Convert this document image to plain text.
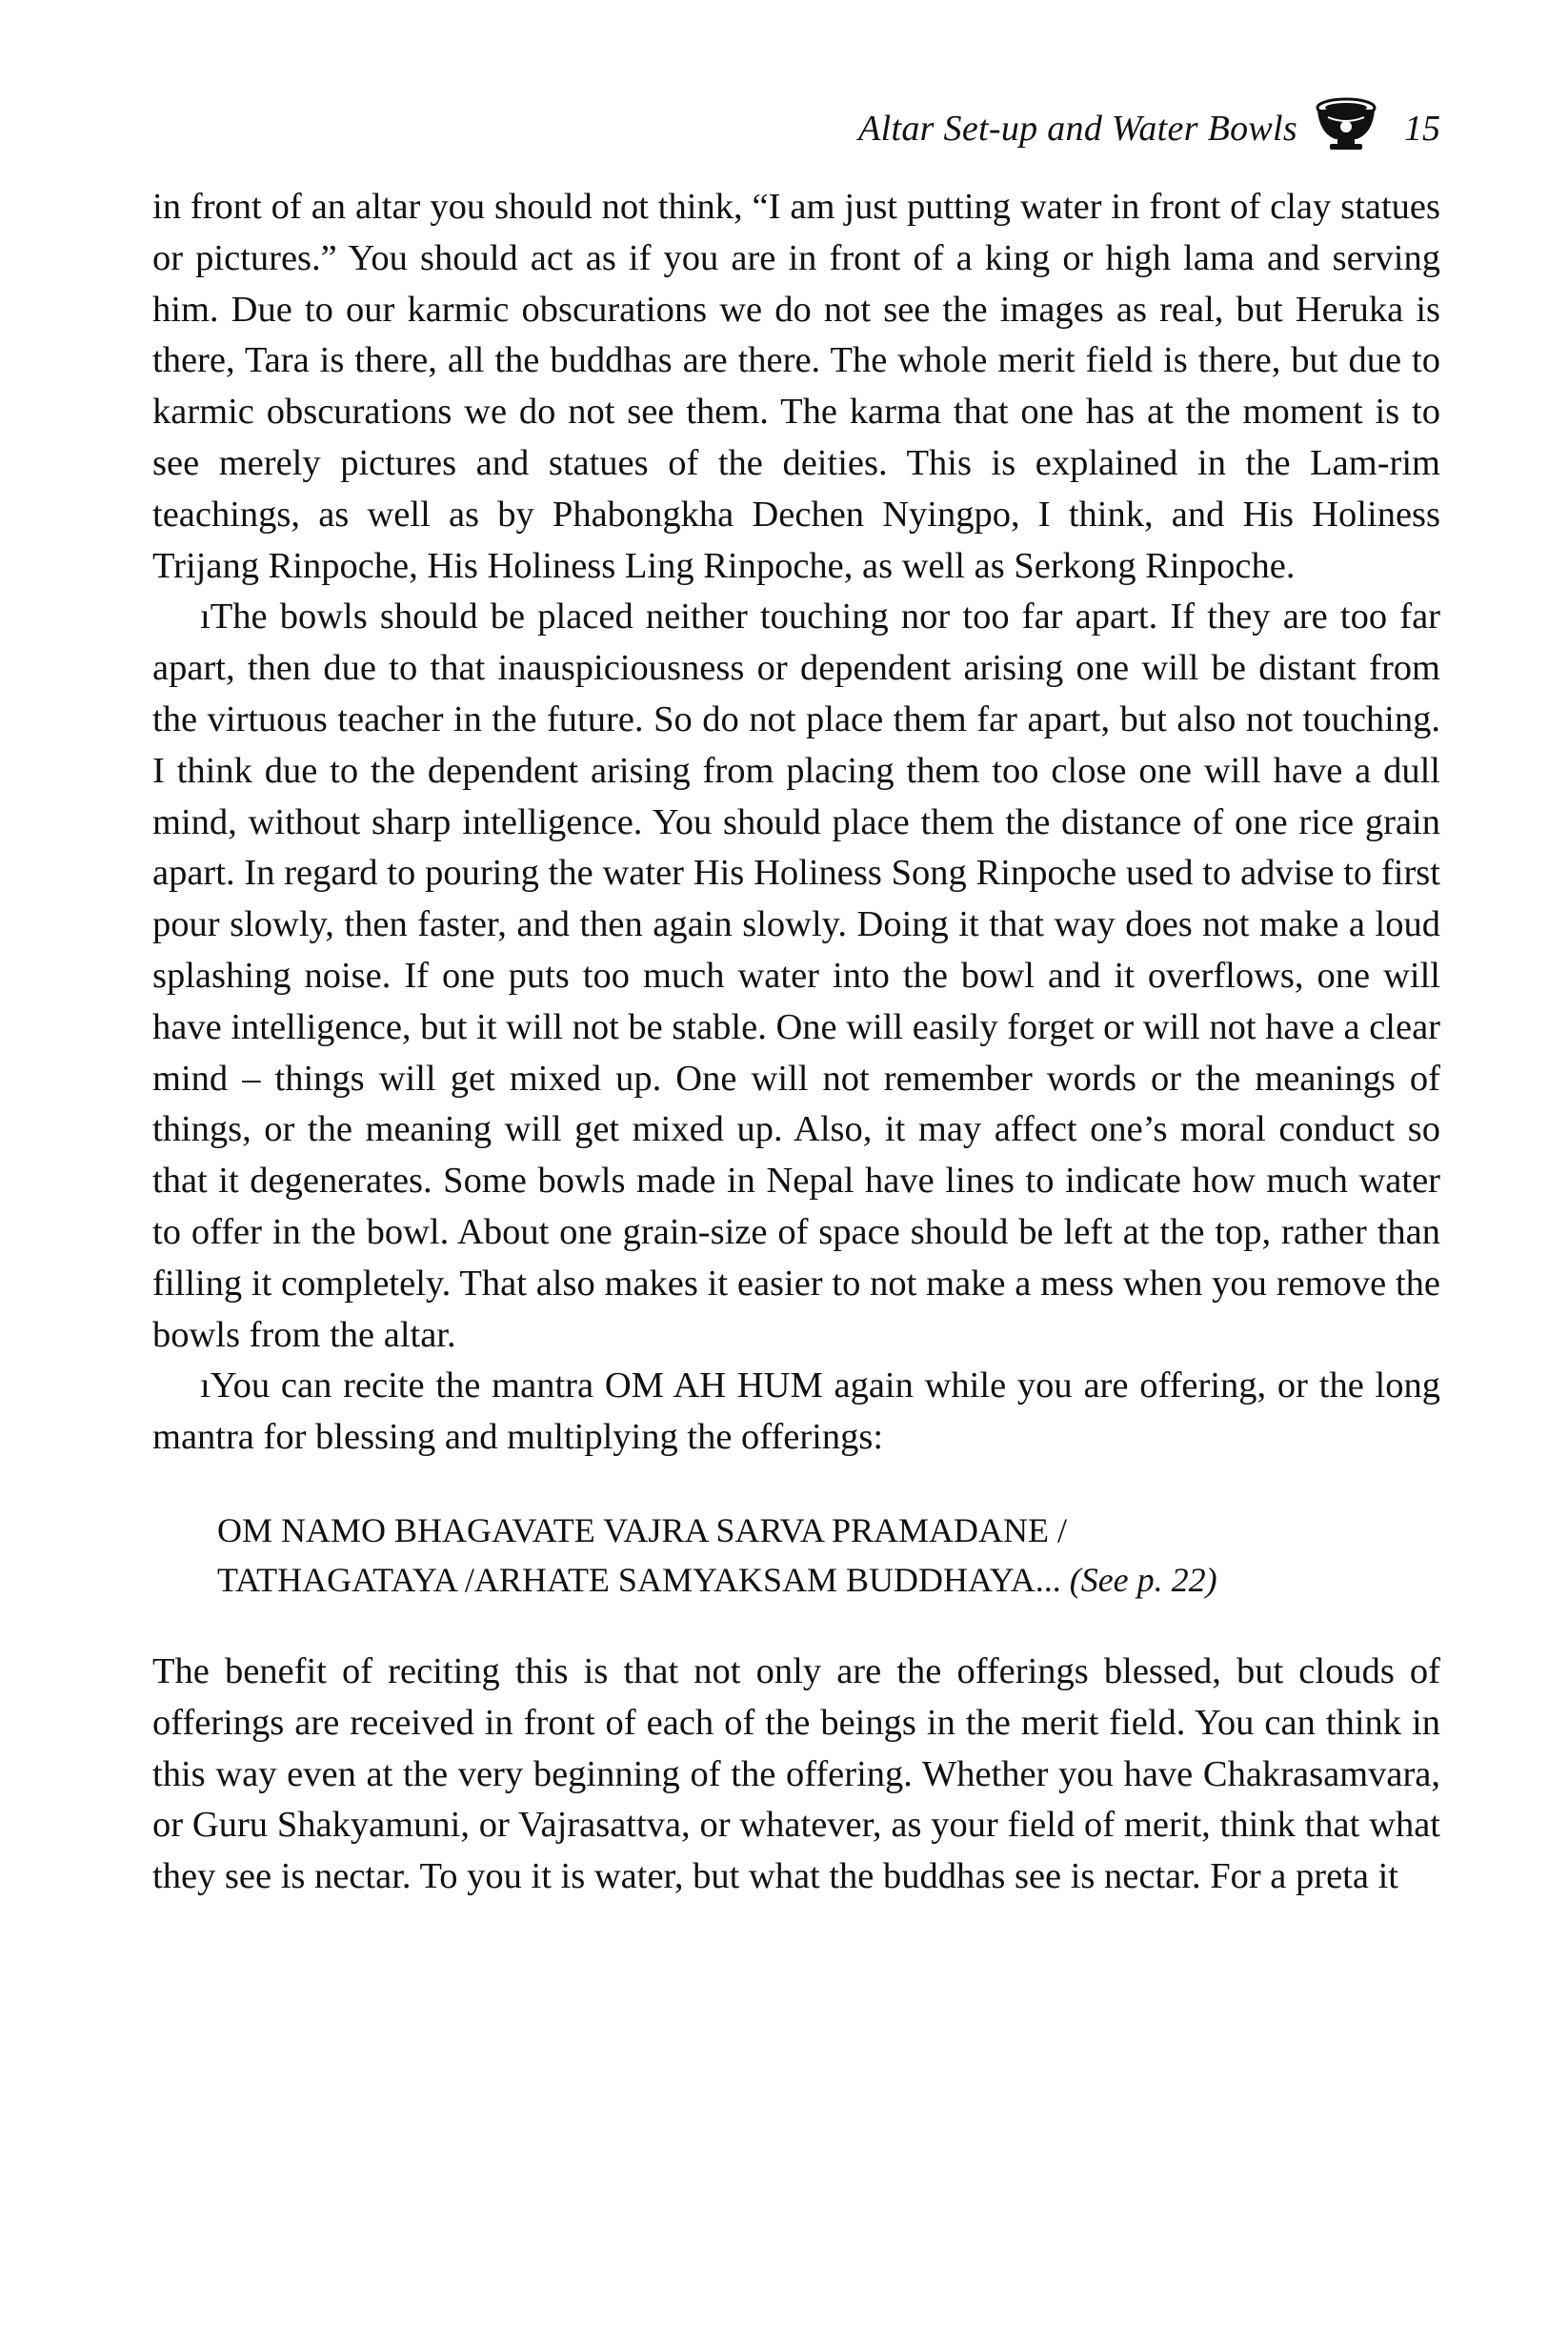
Altar Set-up and Water Bowls	15

in front of an altar you should not think, “I am just putting water in front of clay statues or pictures.” You should act as if you are in front of a king or high lama and serving him. Due to our karmic obscurations we do not see the images as real, but Heruka is there, Tara is there, all the buddhas are there. The whole merit field is there, but due to karmic obscurations we do not see them. The karma that one has at the moment is to see merely pictures and statues of the deities. This is explained in the Lam-rim teachings, as well as by Phabongkha Dechen Nyingpo, I think, and His Holiness Trijang Rinpoche, His Holiness Ling Rinpoche, as well as Serkong Rinpoche.

ıThe bowls should be placed neither touching nor too far apart. If they are too far apart, then due to that inauspiciousness or dependent arising one will be distant from the virtuous teacher in the future. So do not place them far apart, but also not touching. I think due to the dependent arising from placing them too close one will have a dull mind, without sharp intelligence. You should place them the distance of one rice grain apart. In regard to pouring the water His Holiness Song Rinpoche used to advise to first pour slowly, then faster, and then again slowly. Doing it that way does not make a loud splashing noise. If one puts too much water into the bowl and it overflows, one will have intelligence, but it will not be stable. One will easily forget or will not have a clear mind – things will get mixed up. One will not remember words or the meanings of things, or the meaning will get mixed up. Also, it may affect one’s moral conduct so that it degenerates. Some bowls made in Nepal have lines to indicate how much water to offer in the bowl. About one grain-size of space should be left at the top, rather than filling it completely. That also makes it easier to not make a mess when you remove the bowls from the altar.

ıYou can recite the mantra OM AH HUM again while you are offering, or the long mantra for blessing and multiplying the offerings:

OM NAMO BHAGAVATE VAJRA SARVA PRAMADANE /
TATHAGATAYA /ARHATE SAMYAKSAM BUDDHAYA... (See p. 22)

The benefit of reciting this is that not only are the offerings blessed, but clouds of offerings are received in front of each of the beings in the merit field. You can think in this way even at the very beginning of the offering. Whether you have Chakrasamvara, or Guru Shakyamuni, or Vajrasattva, or whatever, as your field of merit, think that what they see is nectar. To you it is water, but what the buddhas see is nectar. For a preta it
